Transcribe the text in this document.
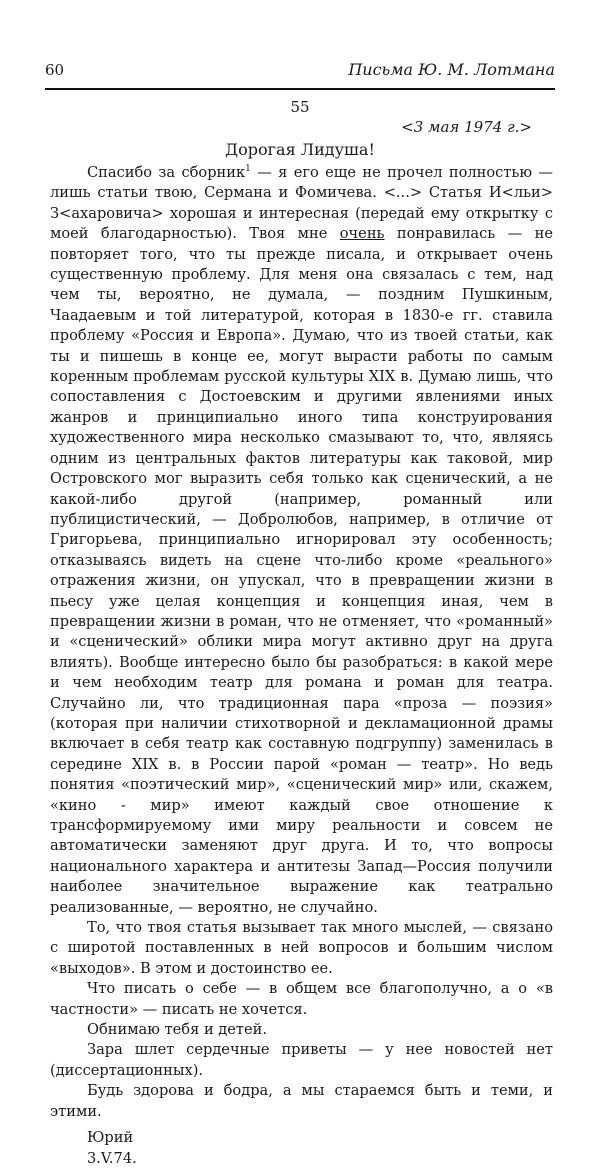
60	Письма Ю. М. Лотмана
55
<3 мая 1974 г.>
Дорогая Лидуша!

Спасибо за сборник$^1$ — я его еще не прочел полностью — лишь статьи твою, Сермана и Фомичева. <...> Статья И<льи> З<ахаровича> хорошая и интересная (передай ему открытку с моей благодарностью). Твоя мне очень понравилась — не повторяет того, что ты прежде писала, и открывает очень существенную проблему. Для меня она связалась с тем, над чем ты, вероятно, не думала, — поздним Пушкиным, Чаадаевым и той литературой, которая в 1830-е гг. ставила проблему «Россия и Европа». Думаю, что из твоей статьи, как ты и пишешь в конце ее, могут вырасти работы по самым коренным проблемам русской культуры XIX в. Думаю лишь, что сопоставления с Достоевским и другими явлениями иных жанров и принципиально иного типа конструирования художественного мира несколько смазывают то, что, являясь одним из центральных фактов литературы как таковой, мир Островского мог выразить себя только как сценический, а не какой-либо другой (например, романный или публицистический, — Добролюбов, например, в отличие от Григорьева, принципиально игнорировал эту особенность; отказываясь видеть на сцене что-либо кроме «реального» отражения жизни, он упускал, что в превращении жизни в пьесу уже целая концепция и концепция иная, чем в превращении жизни в роман, что не отменяет, что «романный» и «сценический» облики мира могут активно друг на друга влиять). Вообще интересно было бы разобраться: в какой мере и чем необходим театр для романа и роман для театра. Случайно ли, что традиционная пара «проза — поэзия» (которая при наличии стихотворной и декламационной драмы включает в себя театр как составную подгруппу) заменилась в середине XIX в. в России парой «роман — театр». Но ведь понятия «поэтический мир», «сценический мир» или, скажем, «кино - мир» имеют каждый свое отношение к трансформируемому ими миру реальности и совсем не автоматически заменяют друг друга. И то, что вопросы национального характера и антитезы Запад—Россия получили наиболее значительное выражение как театрально реализованные, — вероятно, не случайно.

То, что твоя статья вызывает так много мыслей, — связано с широтой поставленных в ней вопросов и большим числом «выходов». В этом и достоинство ее.

Что писать о себе — в общем все благополучно, а о «в частности» — писать не хочется.

Обнимаю тебя и детей.

Зара шлет сердечные приветы — у нее новостей нет (диссертационных).

Будь здорова и бодра, а мы стараемся быть и теми, и этими.

Юрий
3.V.74.
